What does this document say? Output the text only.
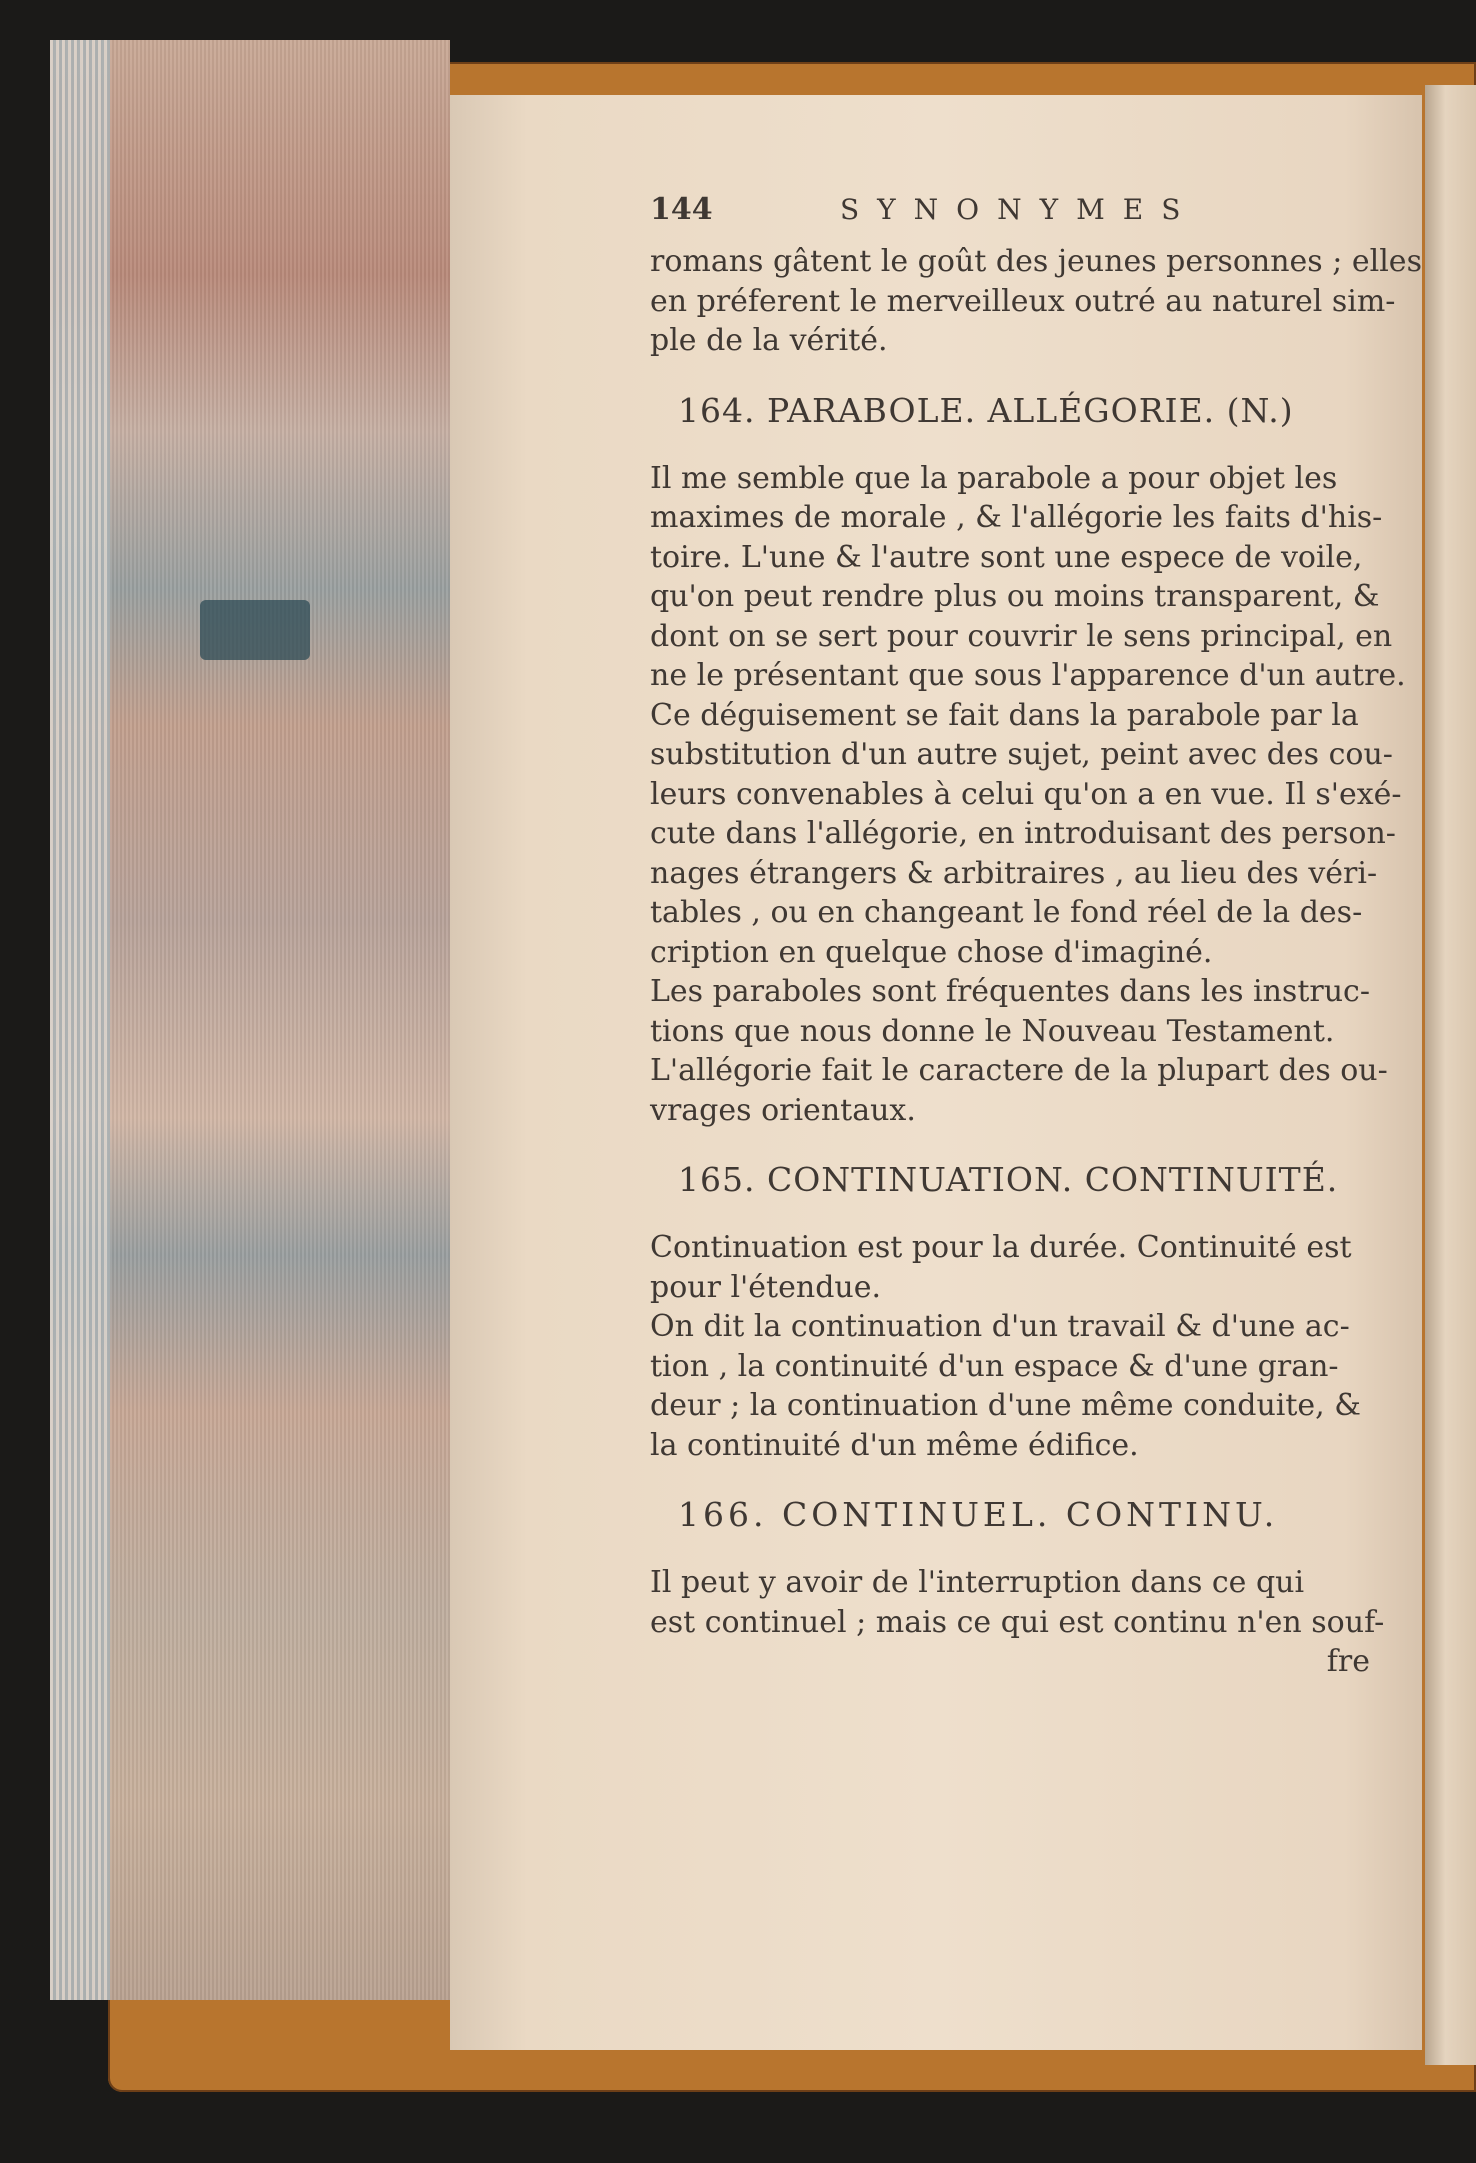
144	SYNONYMES
romans gâtent le goût des jeunes personnes ; elles
en préferent le merveilleux outré au naturel sim-
ple de la vérité.
164. PARABOLE. ALLÉGORIE. (N.)
Il me semble que la parabole a pour objet les
maximes de morale , & l'allégorie les faits d'his-
toire. L'une & l'autre sont une espece de voile,
qu'on peut rendre plus ou moins transparent, &
dont on se sert pour couvrir le sens principal, en
ne le présentant que sous l'apparence d'un autre.
Ce déguisement se fait dans la parabole par la
substitution d'un autre sujet, peint avec des cou-
leurs convenables à celui qu'on a en vue. Il s'exé-
cute dans l'allégorie, en introduisant des person-
nages étrangers & arbitraires , au lieu des véri-
tables , ou en changeant le fond réel de la des-
cription en quelque chose d'imaginé.
Les paraboles sont fréquentes dans les instruc-
tions que nous donne le Nouveau Testament.
L'allégorie fait le caractere de la plupart des ou-
vrages orientaux.
165. CONTINUATION. CONTINUITÉ.
Continuation est pour la durée. Continuité est
pour l'étendue.
On dit la continuation d'un travail & d'une ac-
tion , la continuité d'un espace & d'une gran-
deur ; la continuation d'une même conduite, &
la continuité d'un même édifice.
166. CONTINUEL. CONTINU.
Il peut y avoir de l'interruption dans ce qui
est continuel ; mais ce qui est continu n'en souf-
fre
